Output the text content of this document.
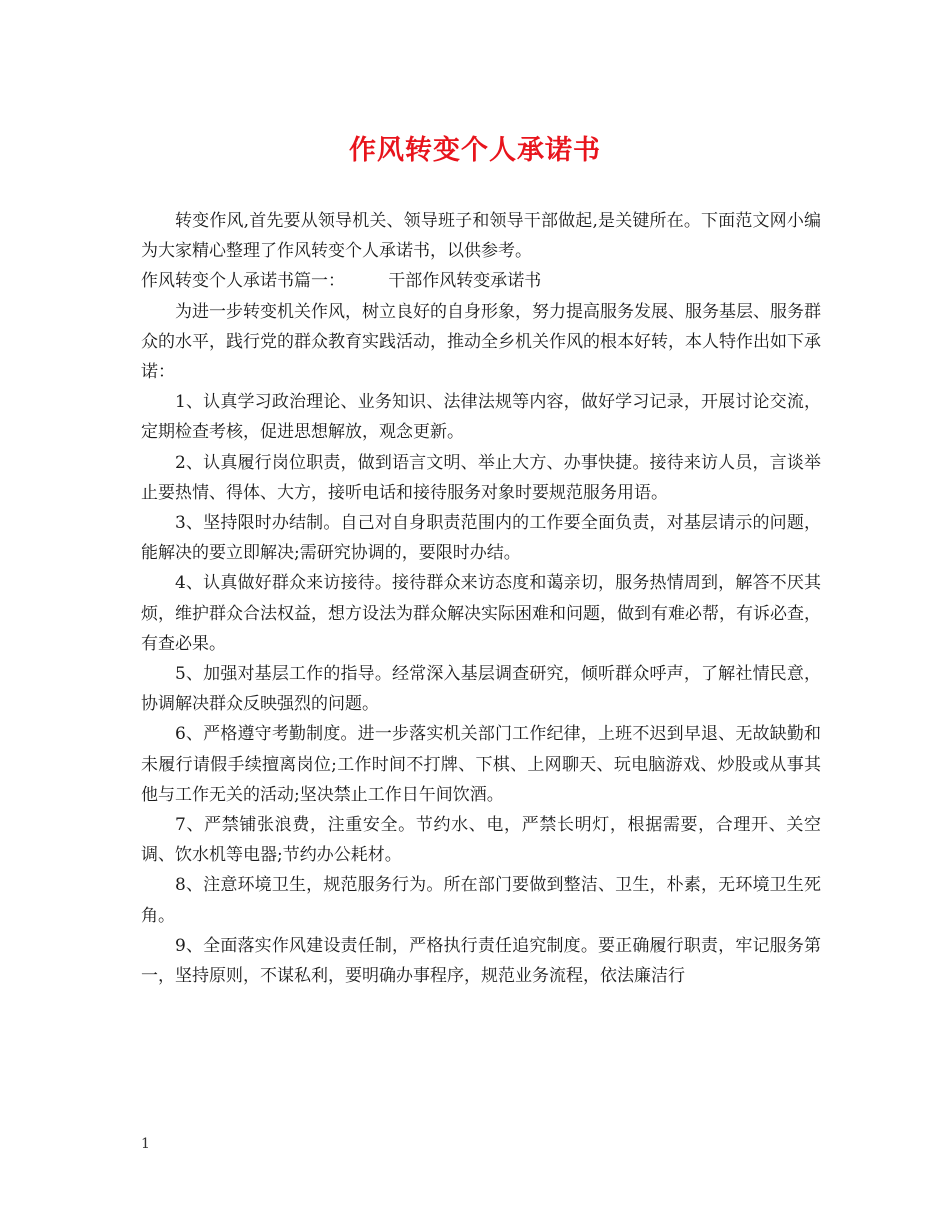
作风转变个人承诺书

转变作风,首先要从领导机关、领导班子和领导干部做起,是关键所在。下面范文网小编为大家精心整理了作风转变个人承诺书，以供参考。

作风转变个人承诺书篇一：	干部作风转变承诺书

为进一步转变机关作风，树立良好的自身形象，努力提高服务发展、服务基层、服务群众的水平，践行党的群众教育实践活动，推动全乡机关作风的根本好转，本人特作出如下承诺：

1、认真学习政治理论、业务知识、法律法规等内容，做好学习记录，开展讨论交流，定期检查考核，促进思想解放，观念更新。

2、认真履行岗位职责，做到语言文明、举止大方、办事快捷。接待来访人员，言谈举止要热情、得体、大方，接听电话和接待服务对象时要规范服务用语。

3、坚持限时办结制。自己对自身职责范围内的工作要全面负责，对基层请示的问题，能解决的要立即解决;需研究协调的，要限时办结。

4、认真做好群众来访接待。接待群众来访态度和蔼亲切，服务热情周到，解答不厌其烦，维护群众合法权益，想方设法为群众解决实际困难和问题，做到有难必帮，有诉必查，有查必果。

5、加强对基层工作的指导。经常深入基层调查研究，倾听群众呼声，了解社情民意，协调解决群众反映强烈的问题。

6、严格遵守考勤制度。进一步落实机关部门工作纪律，上班不迟到早退、无故缺勤和未履行请假手续擅离岗位;工作时间不打牌、下棋、上网聊天、玩电脑游戏、炒股或从事其他与工作无关的活动;坚决禁止工作日午间饮酒。

7、严禁铺张浪费，注重安全。节约水、电，严禁长明灯，根据需要，合理开、关空调、饮水机等电器;节约办公耗材。

8、注意环境卫生，规范服务行为。所在部门要做到整洁、卫生，朴素，无环境卫生死角。

9、全面落实作风建设责任制，严格执行责任追究制度。要正确履行职责，牢记服务第一，坚持原则，不谋私利，要明确办事程序，规范业务流程，依法廉洁行

1
